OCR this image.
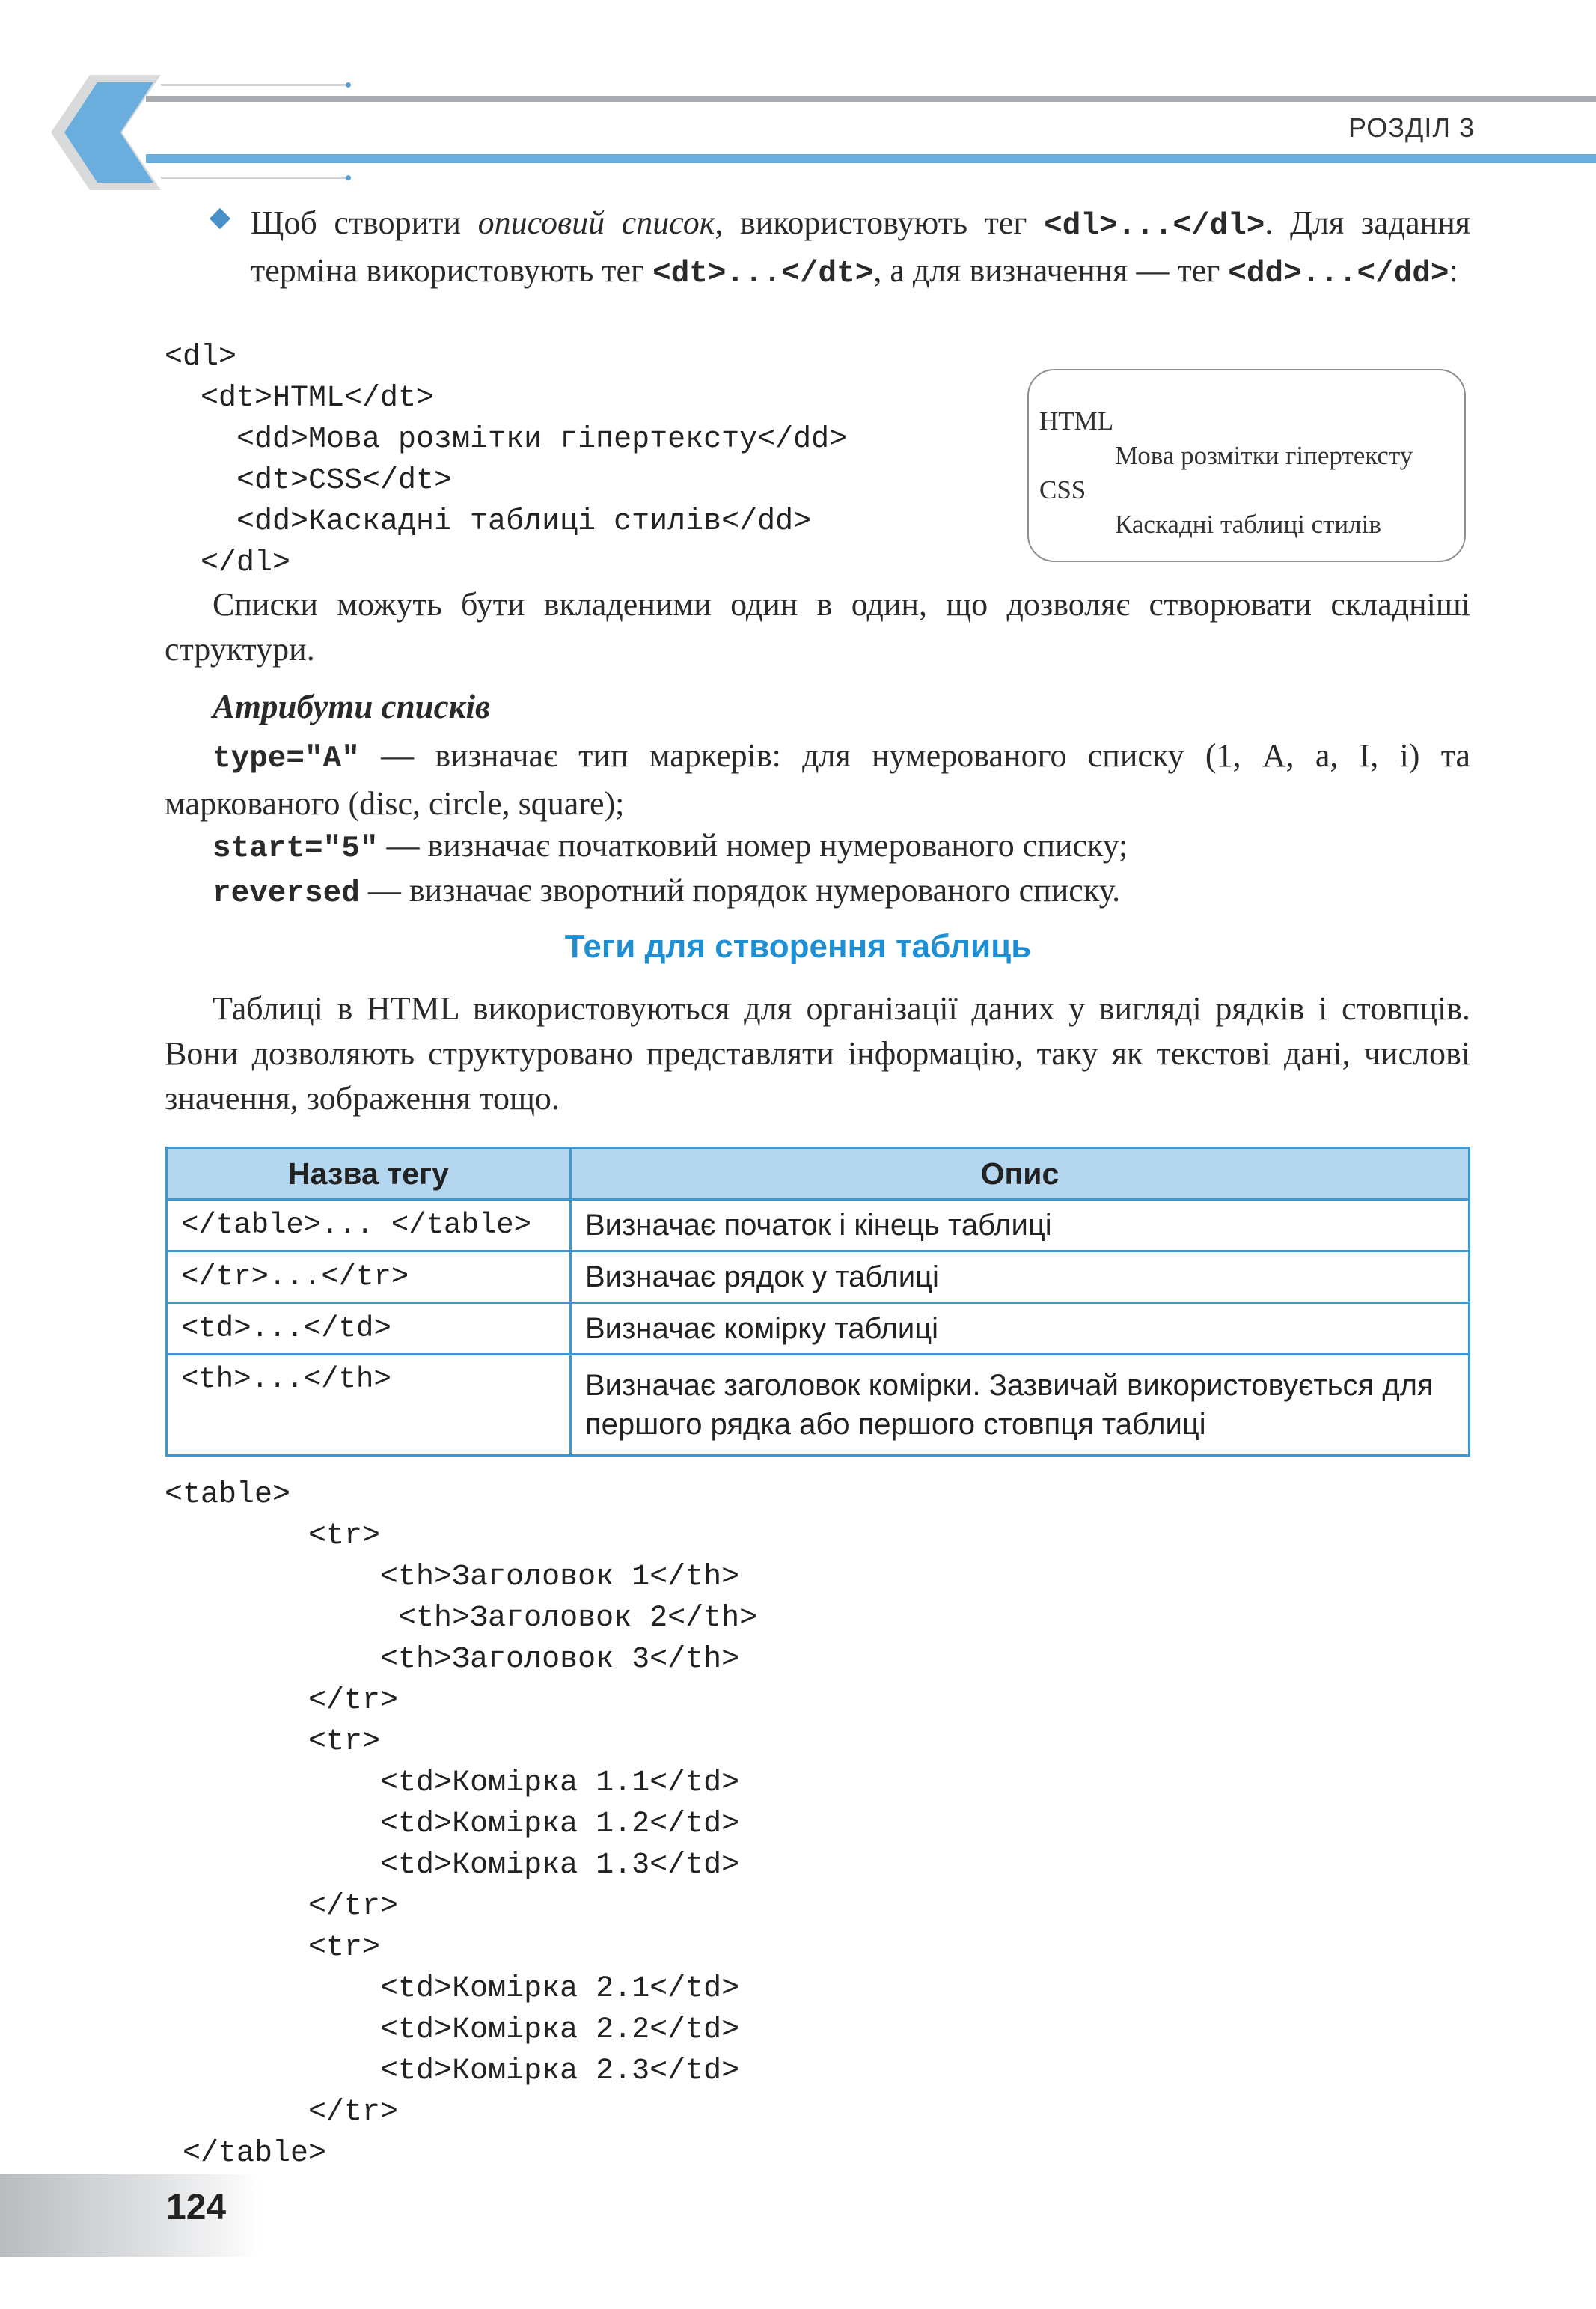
РОЗДІЛ 3
Щоб створити описовий список, використовують тег <dl>...</dl>. Для задання терміна використовують тег <dt>...</dt>, а для визначення — тег <dd>...</dd>:
<dl>
<dt>HTML</dt>
<dd>Мова розмітки гіпертексту</dd>
<dt>CSS</dt>
<dd>Каскадні таблиці стилів</dd>
</dl>
HTML
Мова розмітки гіпертексту
CSS
Каскадні таблиці стилів
Списки можуть бути вкладеними один в один, що дозволяє створювати складніші структури.
Атрибути списків
type="A" — визначає тип маркерів: для нумерованого списку (1, A, a, I, i) та маркованого (disc, circle, square);
start="5" — визначає початковий номер нумерованого списку;
reversed — визначає зворотний порядок нумерованого списку.
Теги для створення таблиць
Таблиці в HTML використовуються для організації даних у вигляді рядків і стовпців. Вони дозволяють структуровано представляти інформацію, таку як текстові дані, числові значення, зображення тощо.
Назва тегу	Опис
</table>... </table>	Визначає початок і кінець таблиці
</tr>...</tr>	Визначає рядок у таблиці
<td>...</td>	Визначає комірку таблиці
<th>...</th>	Визначає заголовок комірки. Зазвичай використовується для першого рядка або першого стовпця таблиці
<table>
<tr>
<th>Заголовок 1</th>
<th>Заголовок 2</th>
<th>Заголовок 3</th>
</tr>
<tr>
<td>Комірка 1.1</td>
<td>Комірка 1.2</td>
<td>Комірка 1.3</td>
</tr>
<tr>
<td>Комірка 2.1</td>
<td>Комірка 2.2</td>
<td>Комірка 2.3</td>
</tr>
</table>
124
